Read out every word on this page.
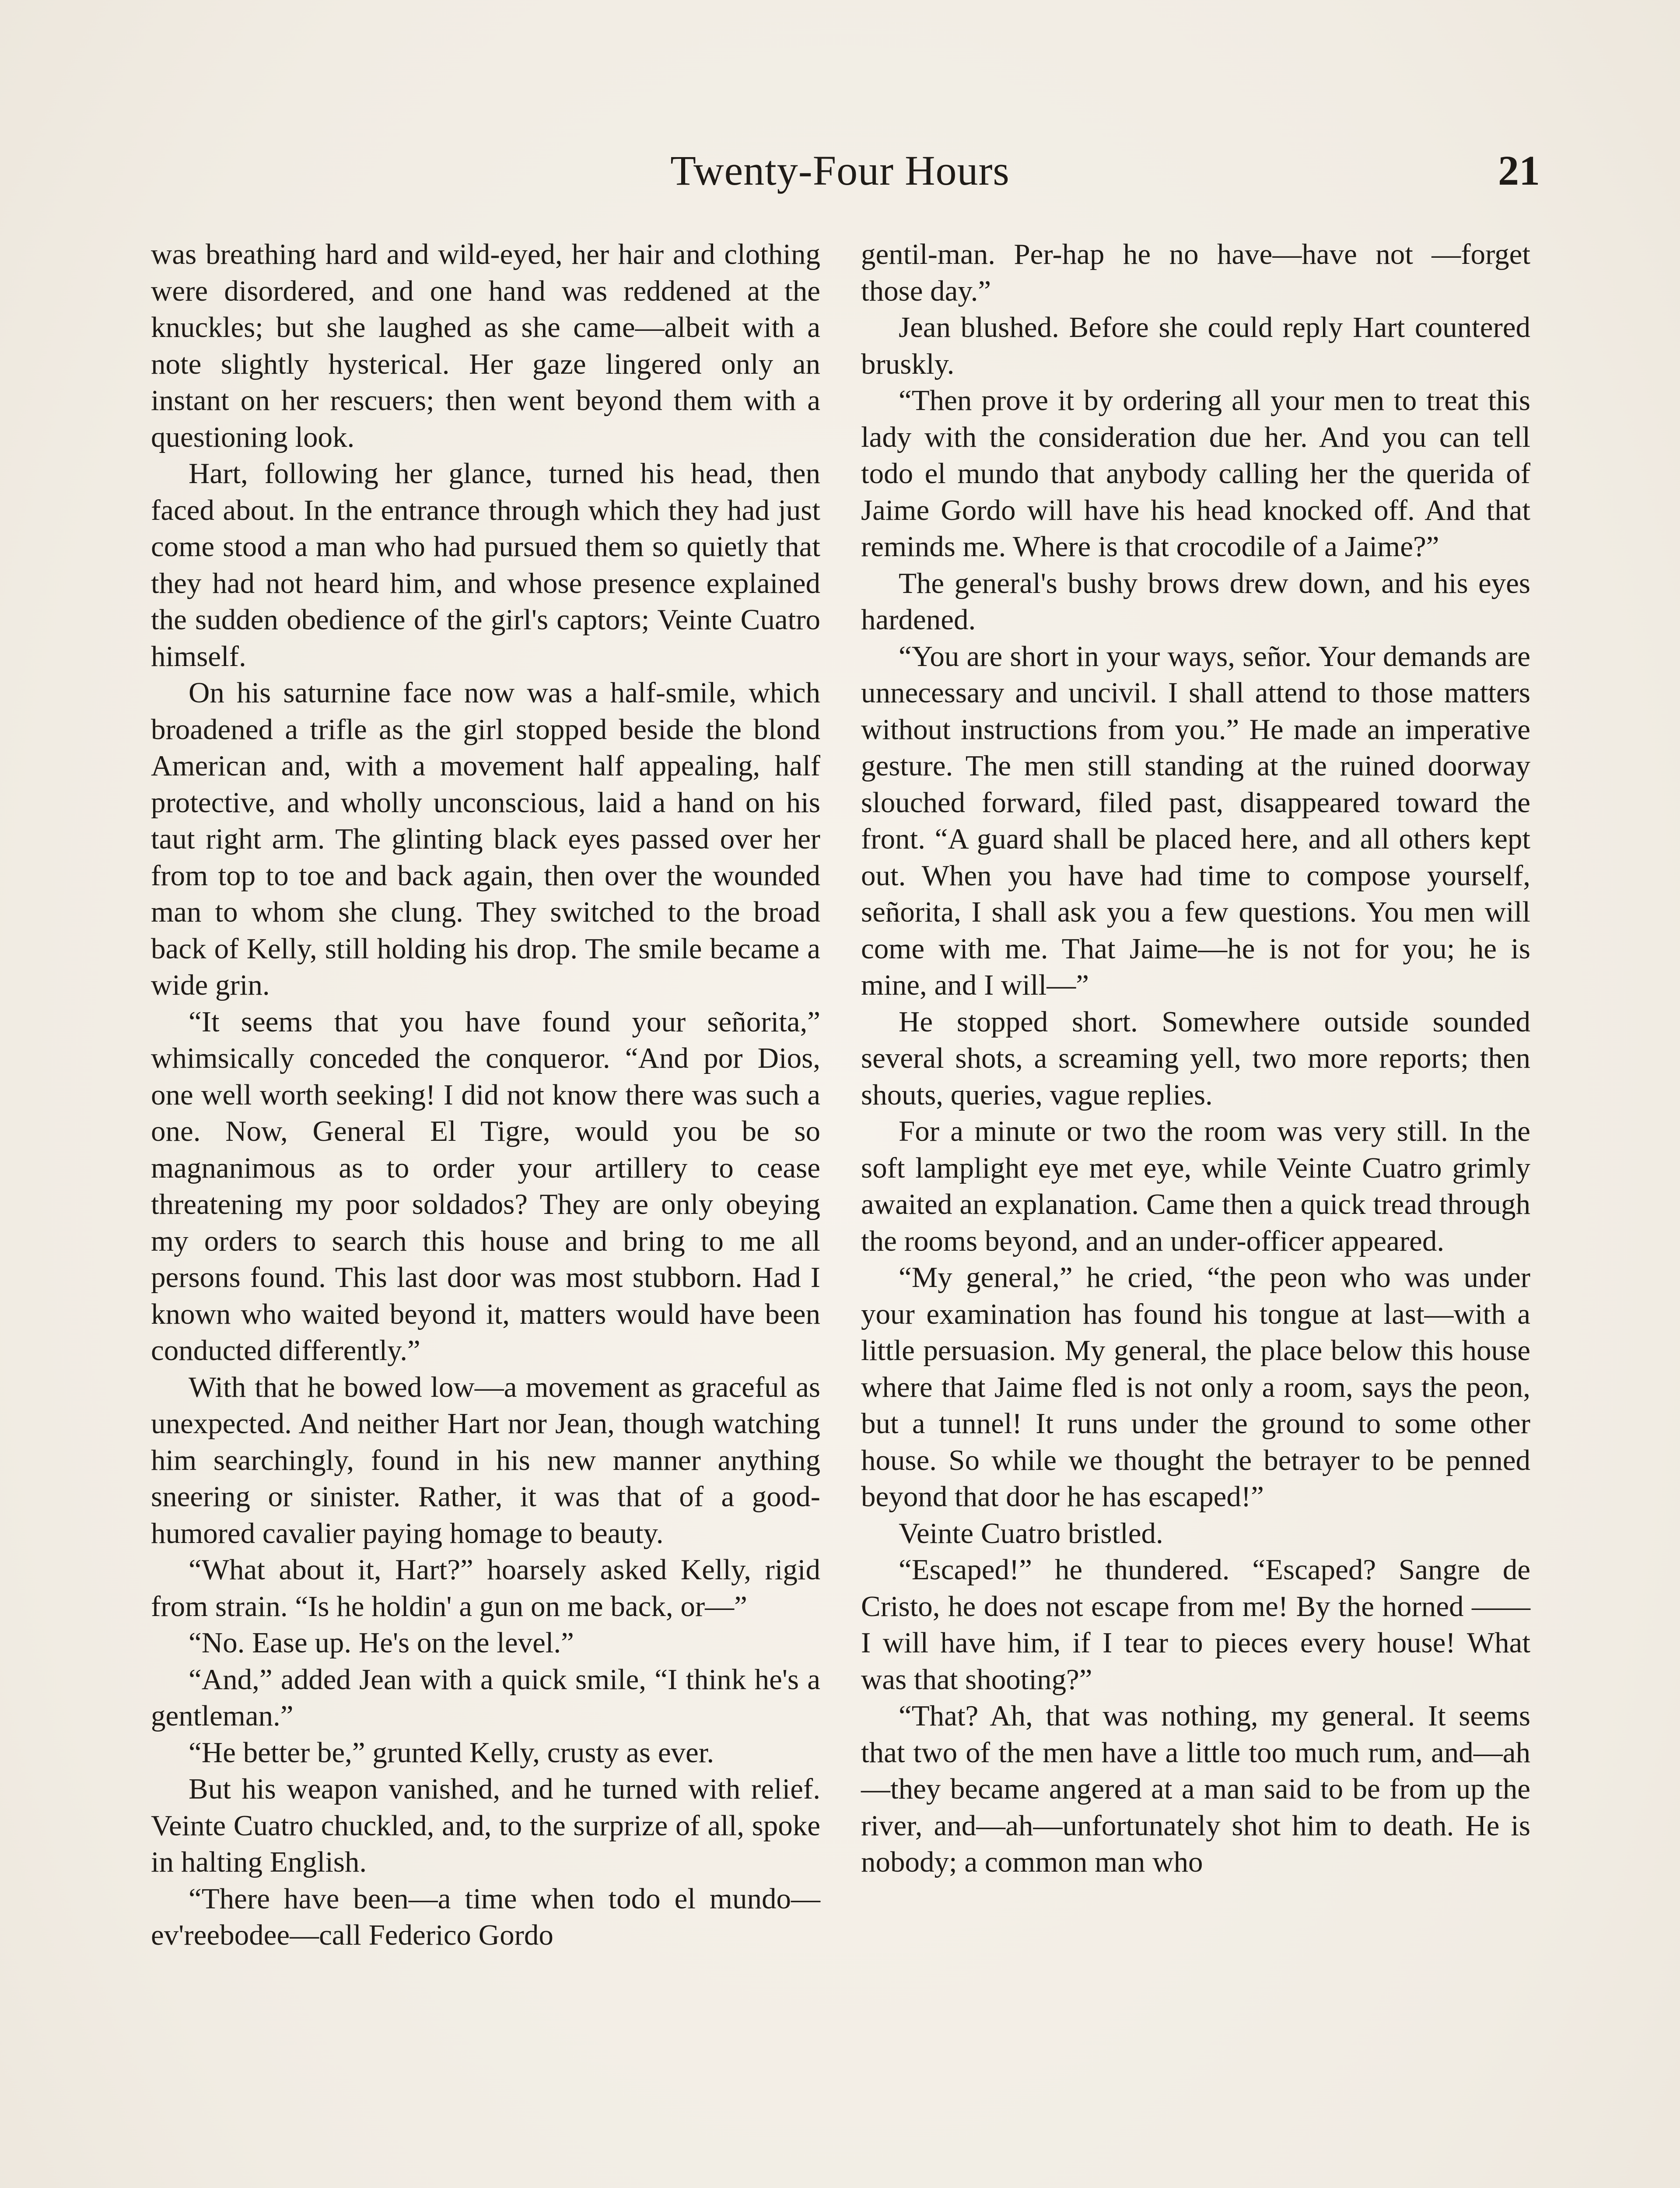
Twenty-Four Hours	21

was breathing hard and wild-eyed, her hair and clothing were disordered, and one hand was reddened at the knuckles; but she laughed as she came—albeit with a note slightly hysterical. Her gaze lingered only an instant on her rescuers; then went beyond them with a questioning look.

Hart, following her glance, turned his head, then faced about. In the entrance through which they had just come stood a man who had pursued them so quietly that they had not heard him, and whose presence explained the sudden obedience of the girl's captors; Veinte Cuatro himself.

On his saturnine face now was a half-smile, which broadened a trifle as the girl stopped beside the blond American and, with a movement half appealing, half protective, and wholly unconscious, laid a hand on his taut right arm. The glinting black eyes passed over her from top to toe and back again, then over the wounded man to whom she clung. They switched to the broad back of Kelly, still holding his drop. The smile became a wide grin.

“It seems that you have found your señorita,” whimsically conceded the conqueror. “And por Dios, one well worth seeking! I did not know there was such a one. Now, General El Tigre, would you be so magnanimous as to order your artillery to cease threatening my poor soldados? They are only obeying my orders to search this house and bring to me all persons found. This last door was most stubborn. Had I known who waited beyond it, matters would have been conducted differently.”

With that he bowed low—a movement as graceful as unexpected. And neither Hart nor Jean, though watching him searchingly, found in his new manner anything sneering or sinister. Rather, it was that of a good-humored cavalier paying homage to beauty.

“What about it, Hart?” hoarsely asked Kelly, rigid from strain. “Is he holdin' a gun on me back, or—”

“No. Ease up. He's on the level.”

“And,” added Jean with a quick smile, “I think he's a gentleman.”

“He better be,” grunted Kelly, crusty as ever.

But his weapon vanished, and he turned with relief. Veinte Cuatro chuckled, and, to the surprize of all, spoke in halting English.

“There have been—a time when todo el mundo—ev'reebodee—call Federico Gordo

gentil-man. Per-hap he no have—have not —forget those day.”

Jean blushed. Before she could reply Hart countered bruskly.

“Then prove it by ordering all your men to treat this lady with the consideration due her. And you can tell todo el mundo that anybody calling her the querida of Jaime Gordo will have his head knocked off. And that reminds me. Where is that crocodile of a Jaime?”

The general's bushy brows drew down, and his eyes hardened.

“You are short in your ways, señor. Your demands are unnecessary and uncivil. I shall attend to those matters without instructions from you.” He made an imperative gesture. The men still standing at the ruined doorway slouched forward, filed past, disappeared toward the front. “A guard shall be placed here, and all others kept out. When you have had time to compose yourself, señorita, I shall ask you a few questions. You men will come with me. That Jaime—he is not for you; he is mine, and I will—”

He stopped short. Somewhere outside sounded several shots, a screaming yell, two more reports; then shouts, queries, vague replies.

For a minute or two the room was very still. In the soft lamplight eye met eye, while Veinte Cuatro grimly awaited an explanation. Came then a quick tread through the rooms beyond, and an under-officer appeared.

“My general,” he cried, “the peon who was under your examination has found his tongue at last—with a little persuasion. My general, the place below this house where that Jaime fled is not only a room, says the peon, but a tunnel! It runs under the ground to some other house. So while we thought the betrayer to be penned beyond that door he has escaped!”

Veinte Cuatro bristled.

“Escaped!” he thundered. “Escaped? Sangre de Cristo, he does not escape from me! By the horned —— I will have him, if I tear to pieces every house! What was that shooting?”

“That? Ah, that was nothing, my general. It seems that two of the men have a little too much rum, and—ah—they became angered at a man said to be from up the river, and—ah—unfortunately shot him to death. He is nobody; a common man who
